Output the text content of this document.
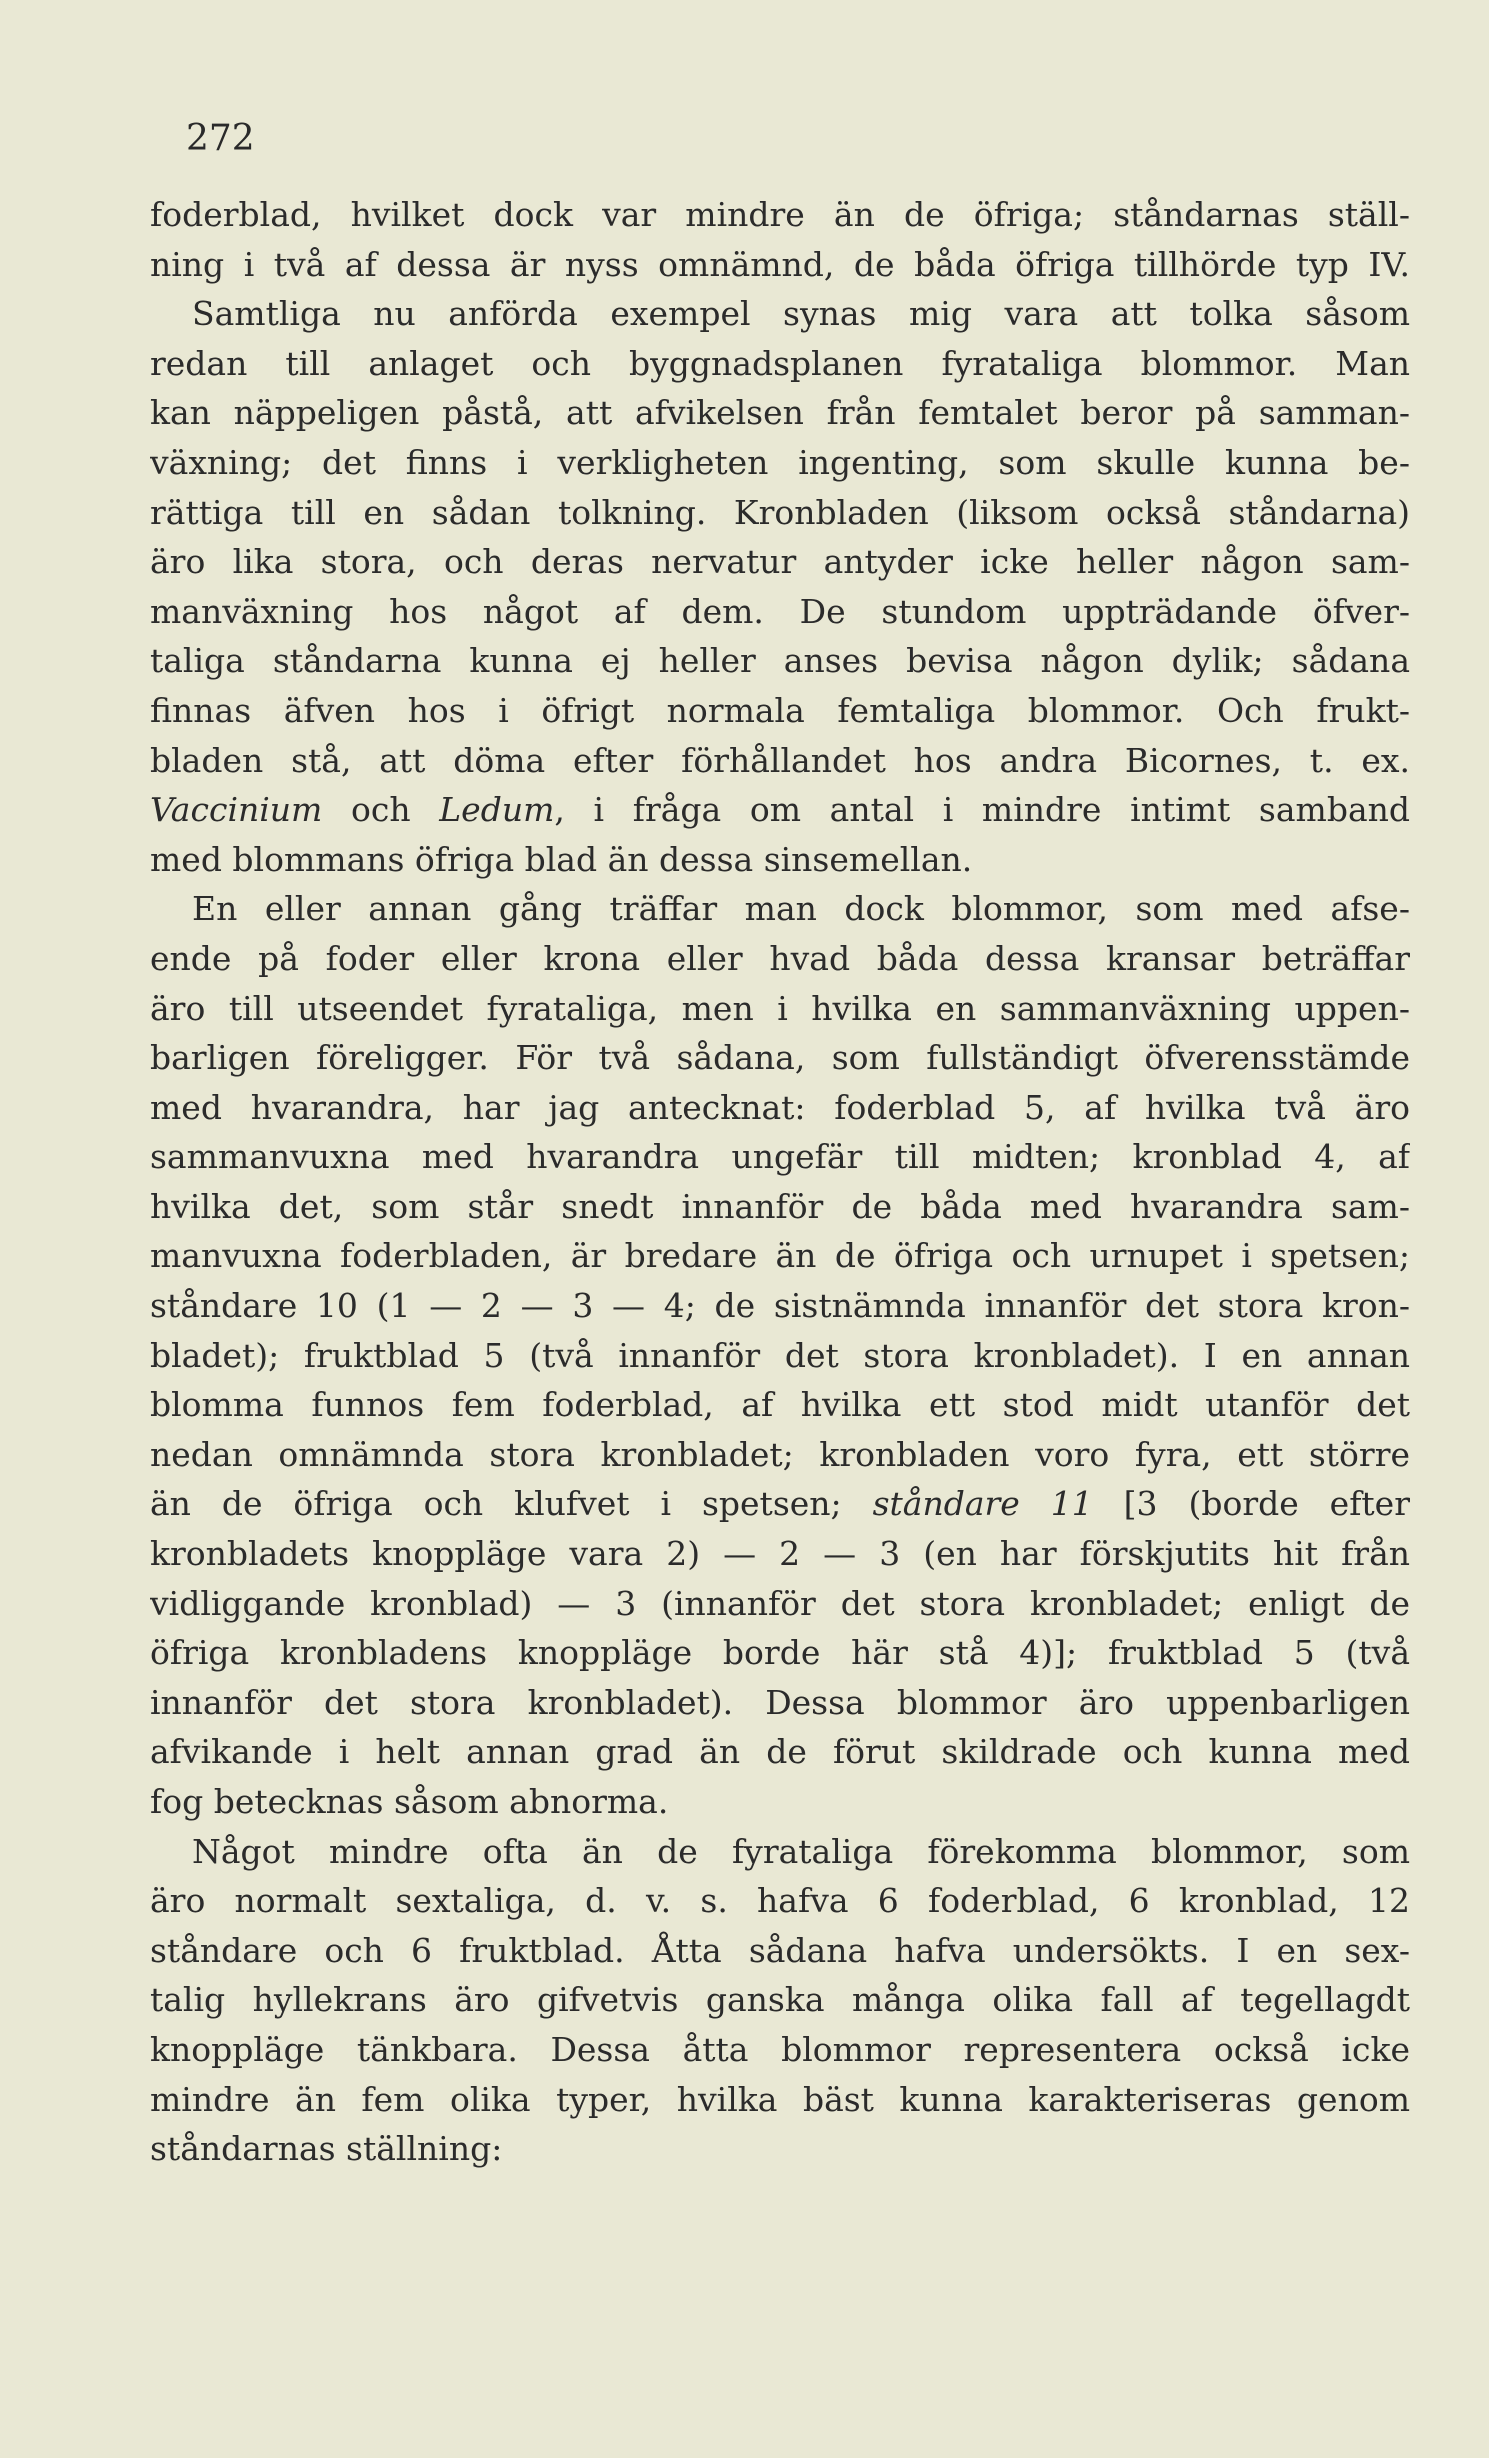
272
foderblad, hvilket dock var mindre än de öfriga; ståndarnas ställ-
ning i två af dessa är nyss omnämnd, de båda öfriga tillhörde typ IV.
Samtliga nu anförda exempel synas mig vara att tolka såsom
redan till anlaget och byggnadsplanen fyrataliga blommor. Man
kan näppeligen påstå, att afvikelsen från femtalet beror på samman-
växning; det finns i verkligheten ingenting, som skulle kunna be-
rättiga till en sådan tolkning. Kronbladen (liksom också ståndarna)
äro lika stora, och deras nervatur antyder icke heller någon sam-
manväxning hos något af dem. De stundom uppträdande öfver-
taliga ståndarna kunna ej heller anses bevisa någon dylik; sådana
finnas äfven hos i öfrigt normala femtaliga blommor. Och frukt-
bladen stå, att döma efter förhållandet hos andra Bicornes, t. ex.
Vaccinium och Ledum, i fråga om antal i mindre intimt samband
med blommans öfriga blad än dessa sinsemellan.
En eller annan gång träffar man dock blommor, som med afse-
ende på foder eller krona eller hvad båda dessa kransar beträffar
äro till utseendet fyrataliga, men i hvilka en sammanväxning uppen-
barligen föreligger. För två sådana, som fullständigt öfverensstämde
med hvarandra, har jag antecknat: foderblad 5, af hvilka två äro
sammanvuxna med hvarandra ungefär till midten; kronblad 4, af
hvilka det, som står snedt innanför de båda med hvarandra sam-
manvuxna foderbladen, är bredare än de öfriga och urnupet i spetsen;
ståndare 10 (1 — 2 — 3 — 4; de sistnämnda innanför det stora kron-
bladet); fruktblad 5 (två innanför det stora kronbladet). I en annan
blomma funnos fem foderblad, af hvilka ett stod midt utanför det
nedan omnämnda stora kronbladet; kronbladen voro fyra, ett större
än de öfriga och klufvet i spetsen; ståndare 11 [3 (borde efter
kronbladets knoppläge vara 2) — 2 — 3 (en har förskjutits hit från
vidliggande kronblad) — 3 (innanför det stora kronbladet; enligt de
öfriga kronbladens knoppläge borde här stå 4)]; fruktblad 5 (två
innanför det stora kronbladet). Dessa blommor äro uppenbarligen
afvikande i helt annan grad än de förut skildrade och kunna med
fog betecknas såsom abnorma.
Något mindre ofta än de fyrataliga förekomma blommor, som
äro normalt sextaliga, d. v. s. hafva 6 foderblad, 6 kronblad, 12
ståndare och 6 fruktblad. Åtta sådana hafva undersökts. I en sex-
talig hyllekrans äro gifvetvis ganska många olika fall af tegellagdt
knoppläge tänkbara. Dessa åtta blommor representera också icke
mindre än fem olika typer, hvilka bäst kunna karakteriseras genom
ståndarnas ställning:
